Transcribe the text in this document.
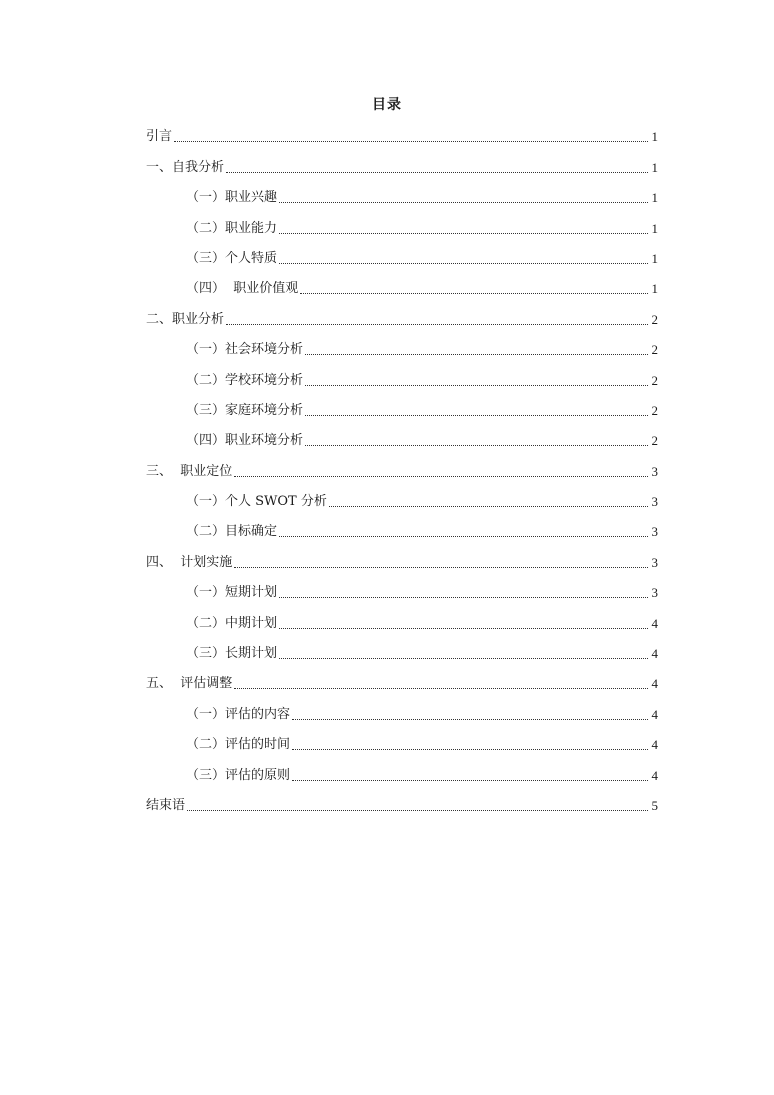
目录
引言	1
一、自我分析	1
（一）职业兴趣	1
（二）职业能力	1
（三）个人特质	1
（四）  职业价值观	1
二、职业分析	2
（一）社会环境分析	2
（二）学校环境分析	2
（三）家庭环境分析	2
（四）职业环境分析	2
三、  职业定位	3
（一）个人 SWOT 分析	3
（二）目标确定	3
四、  计划实施	3
（一）短期计划	3
（二）中期计划	4
（三）长期计划	4
五、  评估调整	4
（一）评估的内容	4
（二）评估的时间	4
（三）评估的原则	4
结束语	5
